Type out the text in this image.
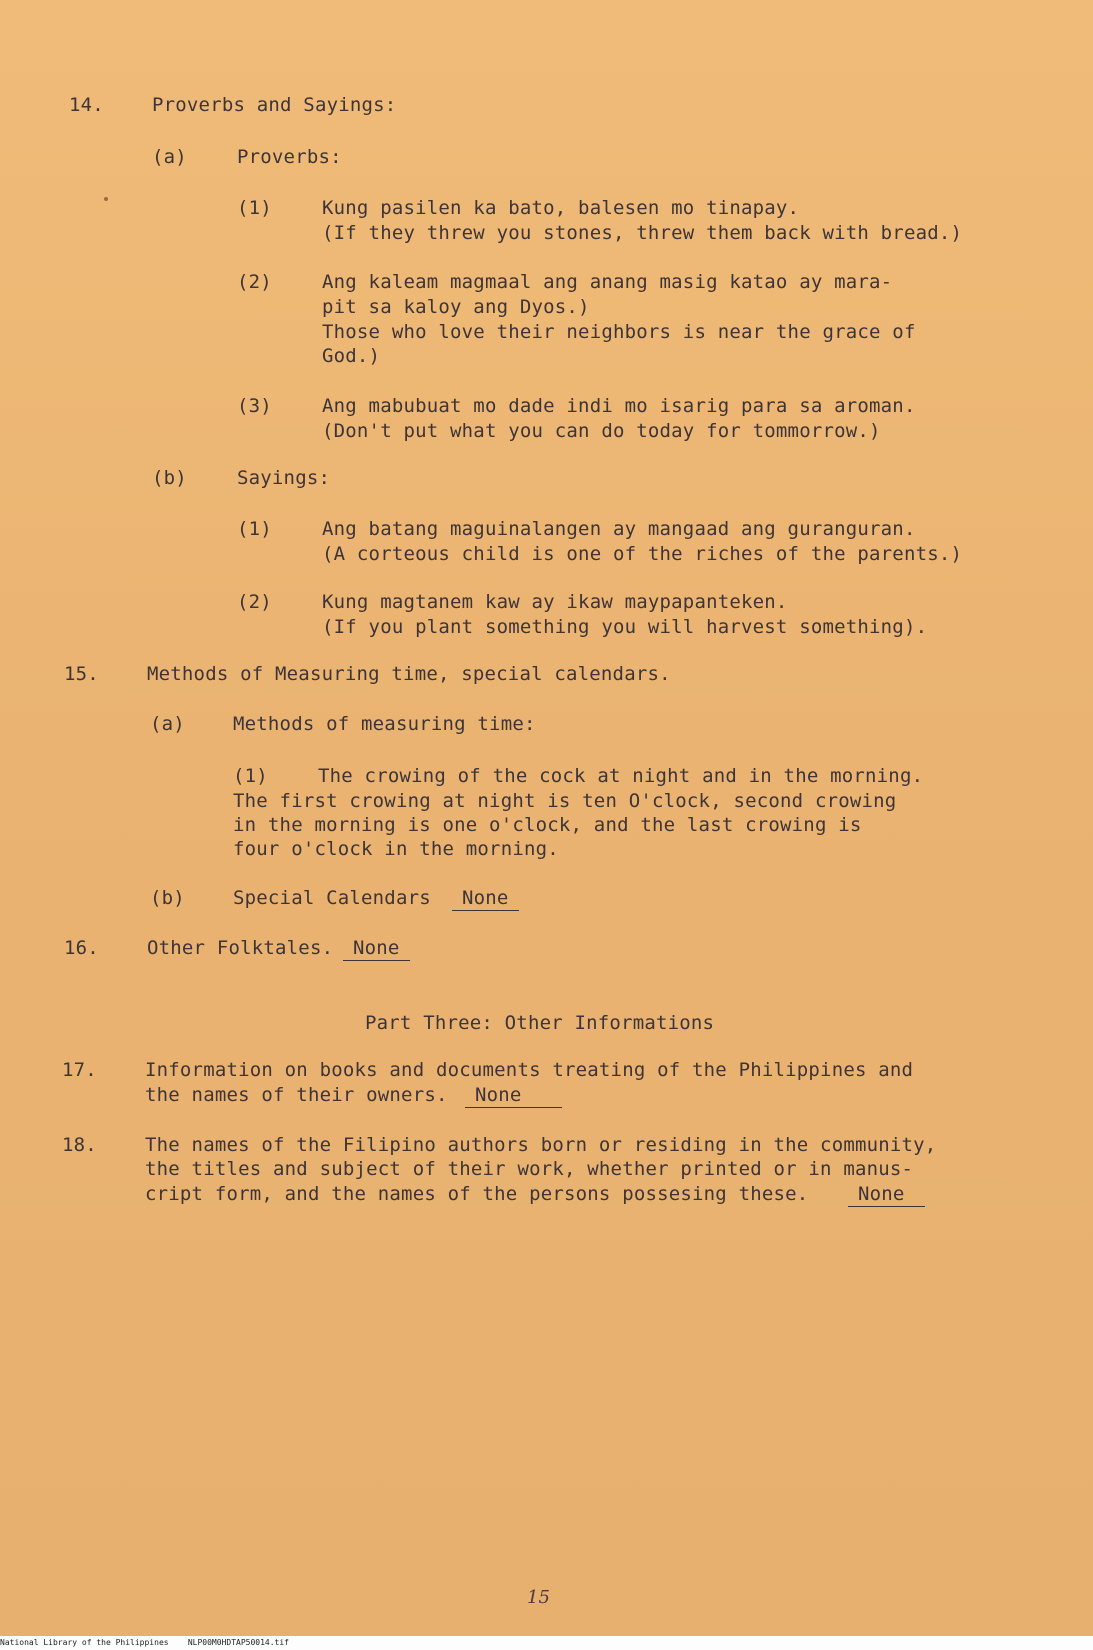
14.	Proverbs and Sayings:
(a)	Proverbs:
(1)	Kung pasilen ka bato, balesen mo tinapay.
(If they threw you stones, threw them back with bread.)
(2)	Ang kaleam magmaal ang anang masig katao ay mara-
pit sa kaloy ang Dyos.)
Those who love their neighbors is near the grace of
God.)
(3)	Ang mabubuat mo dade indi mo isarig para sa aroman.
(Don't put what you can do today for tommorrow.)
(b)	Sayings:
(1)	Ang batang maguinalangen ay mangaad ang guranguran.
(A corteous child is one of the riches of the parents.)
(2)	Kung magtanem kaw ay ikaw maypapanteken.
(If you plant something you will harvest something).
15.	Methods of Measuring time, special calendars.
(a)	Methods of measuring time:
(1)	The crowing of the cock at night and in the morning.
The first crowing at night is ten O'clock, second crowing
in the morning is one o'clock, and the last crowing is
four o'clock in the morning.
(b)	Special Calendars	None
16.	Other Folktales.	None
Part Three: Other Informations
17.	Information on books and documents treating of the Philippines and
the names of their owners.	None
18.	The names of the Filipino authors born or residing in the community,
the titles and subject of their work, whether printed or in manus-
cript form, and the names of the persons possesing these.	None
15
National Library of the Philippines NLP00M0HDTAP50014.tif
